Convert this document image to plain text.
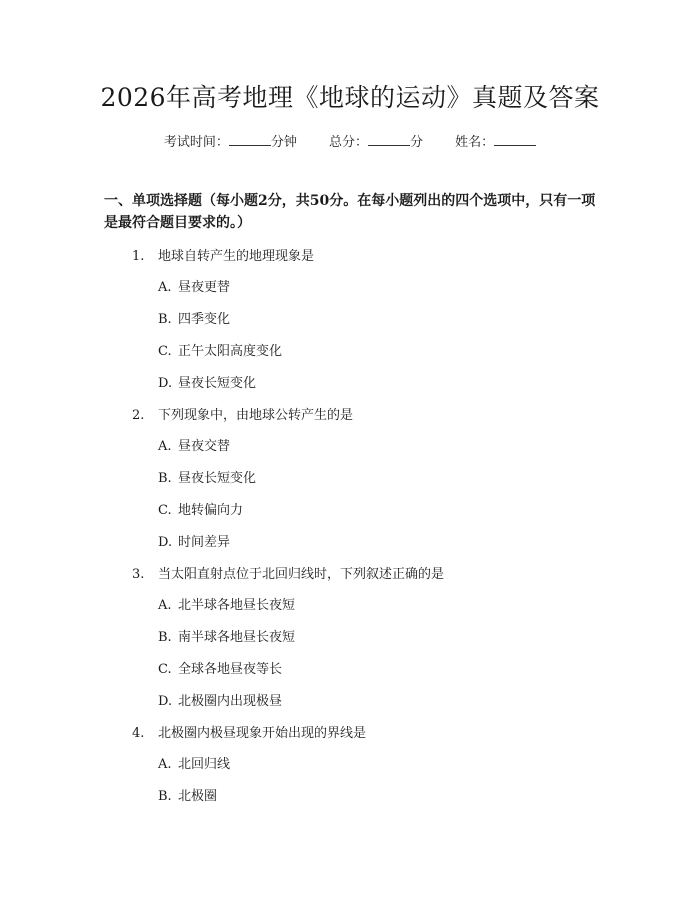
2026年高考地理《地球的运动》真题及答案
考试时间：	分钟 总分：	分 姓名：

一、单项选择题（每小题2分，共50分。在每小题列出的四个选项中，只有一项是最符合题目要求的。）

1. 地球自转产生的地理现象是
A. 昼夜更替
B. 四季变化
C. 正午太阳高度变化
D. 昼夜长短变化
2. 下列现象中，由地球公转产生的是
A. 昼夜交替
B. 昼夜长短变化
C. 地转偏向力
D. 时间差异
3. 当太阳直射点位于北回归线时，下列叙述正确的是
A. 北半球各地昼长夜短
B. 南半球各地昼长夜短
C. 全球各地昼夜等长
D. 北极圈内出现极昼
4. 北极圈内极昼现象开始出现的界线是
A. 北回归线
B. 北极圈
